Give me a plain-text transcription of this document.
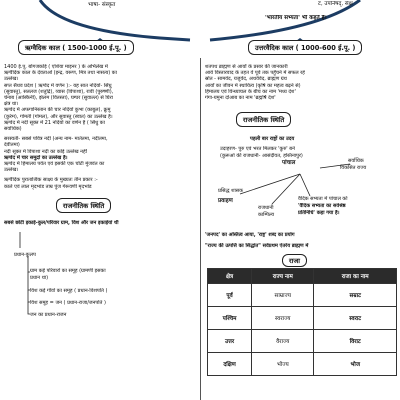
भाषा- संस्कृत	ट, उपनिषद्, सेक्ष
'भारतीय सभ्यता' भी कहते हैं।
ऋग्वैदिक काल ( 1500-1000 ई.पू. )	उत्तरवैदिक काल ( 1000-600 ई.पू. )
1400 ई.पू. बोगजकोई ( एशिया माइनर ) के अभिलेख में
ऋग्वैदिक काल के देवताओं (इन्द्र, वरूण, मित्र तथा नासत्य) का
उल्लेख।
सप्त सैंधव प्रदेश ( ऋग्वेद में वर्णन ):- यह सात नदियों- सिंधु
(सुवास्तु), सतलज (शतुद्रि), व्यास (विपाशा), रावी (पुरुष्णी),
चेनाब (आस्किनी), झेलम (वितस्ता), घग्घर (सुवाल्ल) से घिरा
क्षेत्र था।
ऋग्वेद में अफगानिस्तान की चार नदियों कुभा (काबुल), क्रुमु
(कुर्रम), गोमती (गोमल), और सुवास्तु (स्वात) का उल्लेख है।
ऋग्वेद में नदी सूक्त में 21 नदियों का वर्णन है ( सिंधु का
सर्वाधिक)
सरस्वती- सबसे पवित्र नदी (अन्य नाम- मातेतमा, नदीतमा,
देवीतमा)
नदी सूक्त में विपाशा नदी का कोई उल्लेख नहीं
ऋग्वेद में चार समुद्रों का उल्लेख है।
ऋग्वेद में हिमालय पर्वत एवं इसकी एक चोटी मुंजवंत का
उल्लेख।
ऋग्वैदिक पुरातात्विक साक्ष्य के मुख्यतः तीन प्रकार :-
काले एवं लाल मृदभांड ताम्र पुंज गेरूवर्णी मृदभांड
राजनीतिक स्थिति
सबसे छोटी इकाई-कुल/परिवार ग्राम, विश और जन इकाईयां थी
प्रधान-कुलप
ग्राम कई परिवारों का समूह (ग्रामणी इसका
प्रधान था)
विश कई गाँवों का समूह ( प्रधान-विशपति )
विश समूह = जन ( प्रधान-राजा/जनपति )
जन का प्रधान-राजन
शतपथ ब्राह्मण से आर्यों के प्रसार की जानकारी
आर्य विस्तारवाद के तहत वे पूर्व तक पहुँचने में सफल रहे
स्रोत - सामवेद, यजुर्वेद, अथर्ववेद, ब्राह्मण ग्रंथ
आर्यों का जीवन में स्थायित्व (कृषि का महत्व बढ़ने से)
हिमालय एवं विन्ध्याचल के बीच का नाम 'मध्य देश'
गंगा-यमुना दोआब का नाम 'ब्रह्मर्षि देश'
राजनीतिक स्थिति
पहली बार राष्ट्रों का उदय
उदाहरण- पुरु एवं भरत मिलकर 'कुरु' बने
(कुरूओं की राजधानी- आसंदीवत, हस्तिनापुर)
पांचाल	सर्वाधिक
विकसित राज्य
प्रसिद्ध शासक
प्रवाहण
राजधानी
काम्पिल्य
वैदिक सभ्यता में पांचाल को
'वैदिक सभ्यता का सर्वश्रेष्ठ
प्रतिनिधि' कहा गया है।
'जनपद' का अस्तित्व आया, 'राष्ट्र' शब्द का प्रयोग
"राज्य की उत्पत्ति का सिद्धांत" सर्वप्रथम ऐतरेय ब्राह्मण में
राजा
क्षेत्र	राज्य नाम	राजा का नाम
पूर्व	साम्राज्य	सम्राट
पश्चिम	स्वराज्य	स्वराट
उत्तर	वैराज्य	विराट
दक्षिण	भोज्य	भोज
